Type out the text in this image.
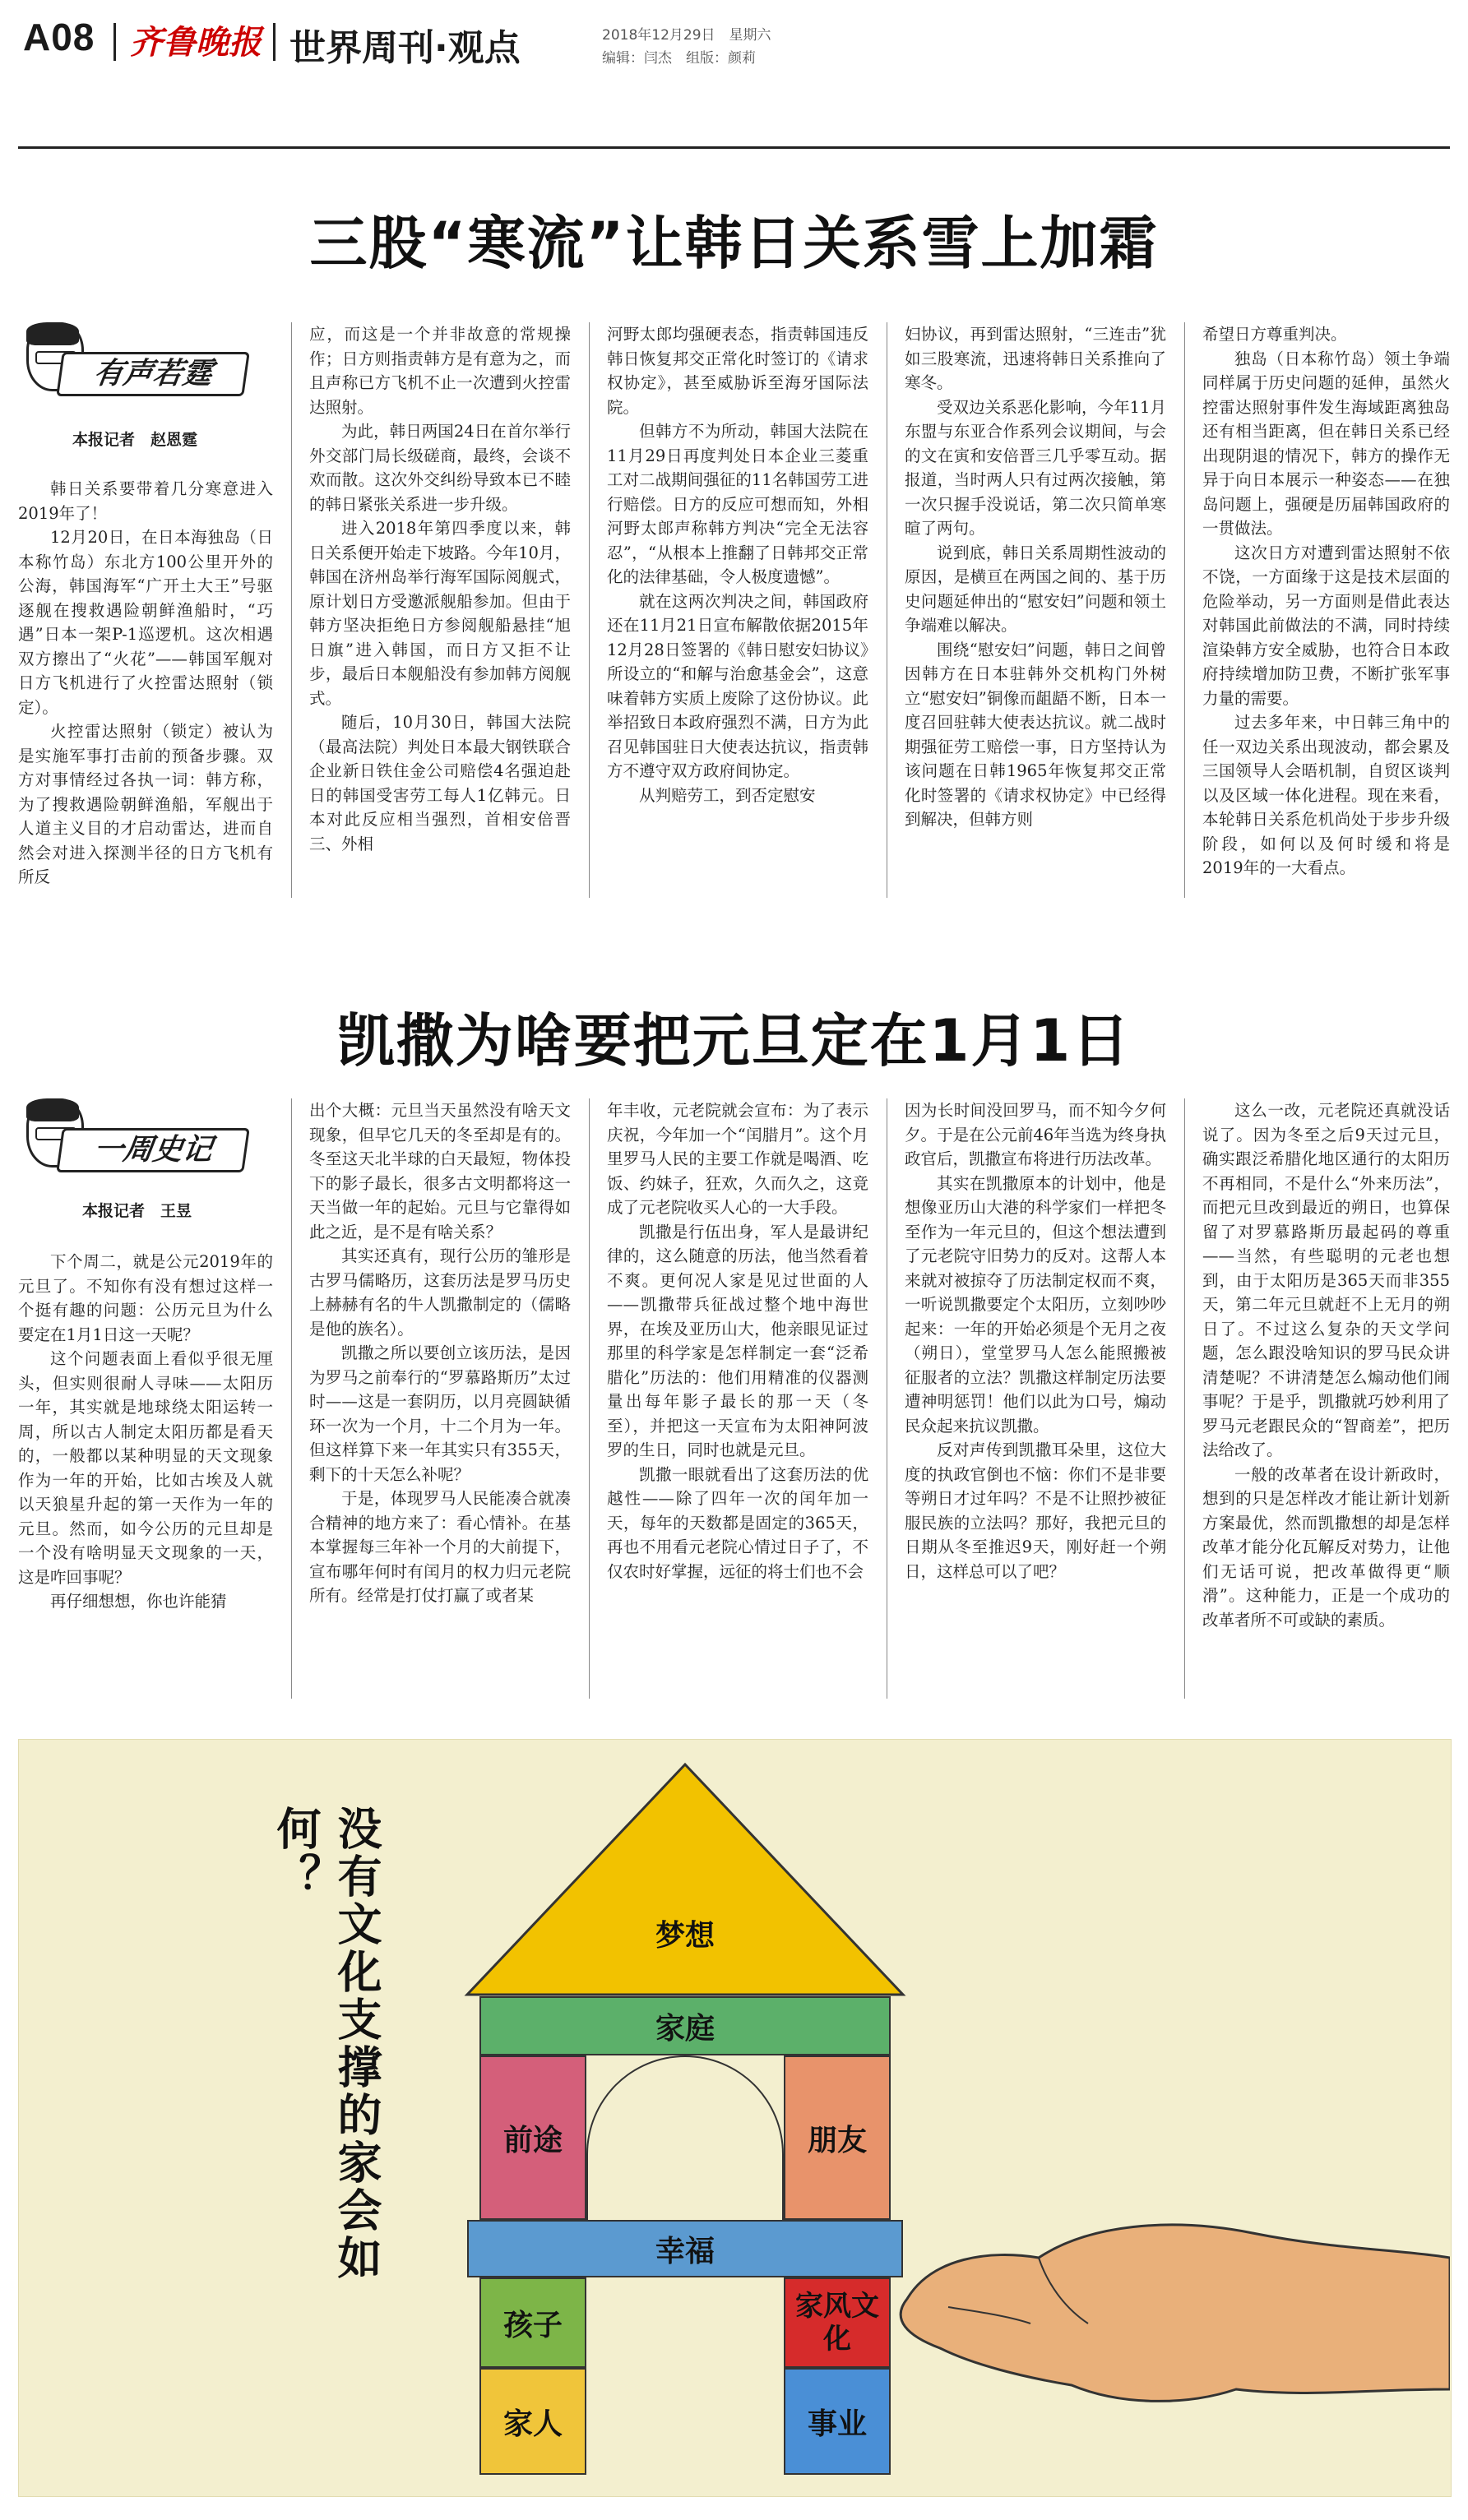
A08 齐鲁晚报 世界周刊·观点	2018年12月29日　星期六
编辑：闫杰　组版：颜莉
三股“寒流”让韩日关系雪上加霜
有声若霆
本报记者　赵恩霆

韩日关系要带着几分寒意进入2019年了！

12月20日，在日本海独岛（日本称竹岛）东北方100公里开外的公海，韩国海军“广开土大王”号驱逐舰在搜救遇险朝鲜渔船时，“巧遇”日本一架P-1巡逻机。这次相遇双方擦出了“火花”——韩国军舰对日方飞机进行了火控雷达照射（锁定）。

火控雷达照射（锁定）被认为是实施军事打击前的预备步骤。双方对事情经过各执一词：韩方称，为了搜救遇险朝鲜渔船，军舰出于人道主义目的才启动雷达，进而自然会对进入探测半径的日方飞机有所反

应，而这是一个并非故意的常规操作；日方则指责韩方是有意为之，而且声称已方飞机不止一次遭到火控雷达照射。

为此，韩日两国24日在首尔举行外交部门局长级磋商，最终，会谈不欢而散。这次外交纠纷导致本已不睦的韩日紧张关系进一步升级。

进入2018年第四季度以来，韩日关系便开始走下坡路。今年10月，韩国在济州岛举行海军国际阅舰式，原计划日方受邀派舰船参加。但由于韩方坚决拒绝日方参阅舰船悬挂“旭日旗”进入韩国，而日方又拒不让步，最后日本舰船没有参加韩方阅舰式。

随后，10月30日，韩国大法院（最高法院）判处日本最大钢铁联合企业新日铁住金公司赔偿4名强迫赴日的韩国受害劳工每人1亿韩元。日本对此反应相当强烈，首相安倍晋三、外相

河野太郎均强硬表态，指责韩国违反韩日恢复邦交正常化时签订的《请求权协定》，甚至威胁诉至海牙国际法院。

但韩方不为所动，韩国大法院在11月29日再度判处日本企业三菱重工对二战期间强征的11名韩国劳工进行赔偿。日方的反应可想而知，外相河野太郎声称韩方判决“完全无法容忍”，“从根本上推翻了日韩邦交正常化的法律基础，令人极度遗憾”。

就在这两次判决之间，韩国政府还在11月21日宣布解散依据2015年12月28日签署的《韩日慰安妇协议》所设立的“和解与治愈基金会”，这意味着韩方实质上废除了这份协议。此举招致日本政府强烈不满，日方为此召见韩国驻日大使表达抗议，指责韩方不遵守双方政府间协定。

从判赔劳工，到否定慰安

妇协议，再到雷达照射，“三连击”犹如三股寒流，迅速将韩日关系推向了寒冬。

受双边关系恶化影响，今年11月东盟与东亚合作系列会议期间，与会的文在寅和安倍晋三几乎零互动。据报道，当时两人只有过两次接触，第一次只握手没说话，第二次只简单寒暄了两句。

说到底，韩日关系周期性波动的原因，是横亘在两国之间的、基于历史问题延伸出的“慰安妇”问题和领土争端难以解决。

围绕“慰安妇”问题，韩日之间曾因韩方在日本驻韩外交机构门外树立“慰安妇”铜像而龃龉不断，日本一度召回驻韩大使表达抗议。就二战时期强征劳工赔偿一事，日方坚持认为该问题在日韩1965年恢复邦交正常化时签署的《请求权协定》中已经得到解决，但韩方则

希望日方尊重判决。

独岛（日本称竹岛）领土争端同样属于历史问题的延伸，虽然火控雷达照射事件发生海域距离独岛还有相当距离，但在韩日关系已经出现阴退的情况下，韩方的操作无异于向日本展示一种姿态——在独岛问题上，强硬是历届韩国政府的一贯做法。

这次日方对遭到雷达照射不依不饶，一方面缘于这是技术层面的危险举动，另一方面则是借此表达对韩国此前做法的不满，同时持续渲染韩方安全威胁，也符合日本政府持续增加防卫费，不断扩张军事力量的需要。

过去多年来，中日韩三角中的任一双边关系出现波动，都会累及三国领导人会晤机制，自贸区谈判以及区域一体化进程。现在来看，本轮韩日关系危机尚处于步步升级阶段，如何以及何时缓和将是2019年的一大看点。

凯撒为啥要把元旦定在1月1日
一周史记
本报记者　王昱

下个周二，就是公元2019年的元旦了。不知你有没有想过这样一个挺有趣的问题：公历元旦为什么要定在1月1日这一天呢？

这个问题表面上看似乎很无厘头，但实则很耐人寻味——太阳历一年，其实就是地球绕太阳运转一周，所以古人制定太阳历都是看天的，一般都以某种明显的天文现象作为一年的开始，比如古埃及人就以天狼星升起的第一天作为一年的元旦。然而，如今公历的元旦却是一个没有啥明显天文现象的一天，这是咋回事呢？

再仔细想想，你也许能猜

出个大概：元旦当天虽然没有啥天文现象，但早它几天的冬至却是有的。冬至这天北半球的白天最短，物体投下的影子最长，很多古文明都将这一天当做一年的起始。元旦与它靠得如此之近，是不是有啥关系？

其实还真有，现行公历的雏形是古罗马儒略历，这套历法是罗马历史上赫赫有名的牛人凯撒制定的（儒略是他的族名）。

凯撒之所以要创立该历法，是因为罗马之前奉行的“罗慕路斯历”太过时——这是一套阴历，以月亮圆缺循环一次为一个月，十二个月为一年。但这样算下来一年其实只有355天，剩下的十天怎么补呢？

于是，体现罗马人民能凑合就凑合精神的地方来了：看心情补。在基本掌握每三年补一个月的大前提下，宣布哪年何时有闰月的权力归元老院所有。经常是打仗打赢了或者某

年丰收，元老院就会宣布：为了表示庆祝，今年加一个“闰腊月”。这个月里罗马人民的主要工作就是喝酒、吃饭、约妹子，狂欢，久而久之，这竟成了元老院收买人心的一大手段。

凯撒是行伍出身，军人是最讲纪律的，这么随意的历法，他当然看着不爽。更何况人家是见过世面的人——凯撒带兵征战过整个地中海世界，在埃及亚历山大，他亲眼见证过那里的科学家是怎样制定一套“泛希腊化”历法的：他们用精准的仪器测量出每年影子最长的那一天（冬至），并把这一天宣布为太阳神阿波罗的生日，同时也就是元旦。

凯撒一眼就看出了这套历法的优越性——除了四年一次的闰年加一天，每年的天数都是固定的365天，再也不用看元老院心情过日子了，不仅农时好掌握，远征的将士们也不会

因为长时间没回罗马，而不知今夕何夕。于是在公元前46年当选为终身执政官后，凯撒宣布将进行历法改革。

其实在凯撒原本的计划中，他是想像亚历山大港的科学家们一样把冬至作为一年元旦的，但这个想法遭到了元老院守旧势力的反对。这帮人本来就对被掠夺了历法制定权而不爽，一听说凯撒要定个太阳历，立刻吵吵起来：一年的开始必须是个无月之夜（朔日），堂堂罗马人怎么能照搬被征服者的立法？凯撒这样制定历法要遭神明惩罚！他们以此为口号，煽动民众起来抗议凯撒。

反对声传到凯撒耳朵里，这位大度的执政官倒也不恼：你们不是非要等朔日才过年吗？不是不让照抄被征服民族的立法吗？那好，我把元旦的日期从冬至推迟9天，刚好赶一个朔日，这样总可以了吧？

这么一改，元老院还真就没话说了。因为冬至之后9天过元旦，确实跟泛希腊化地区通行的太阳历不再相同，不是什么“外来历法”，而把元旦改到最近的朔日，也算保留了对罗慕路斯历最起码的尊重——当然，有些聪明的元老也想到，由于太阳历是365天而非355天，第二年元旦就赶不上无月的朔日了。不过这么复杂的天文学问题，怎么跟没啥知识的罗马民众讲清楚呢？不讲清楚怎么煽动他们闹事呢？于是乎，凯撒就巧妙利用了罗马元老跟民众的“智商差”，把历法给改了。

一般的改革者在设计新政时，想到的只是怎样改才能让新计划新方案最优，然而凯撒想的却是怎样改革才能分化瓦解反对势力，让他们无话可说，把改革做得更“顺滑”。这种能力，正是一个成功的改革者所不可或缺的素质。

没有文化支撑的家会如何？
梦想
家庭
前途	朋友
幸福
孩子
家风文化
家人	事业
